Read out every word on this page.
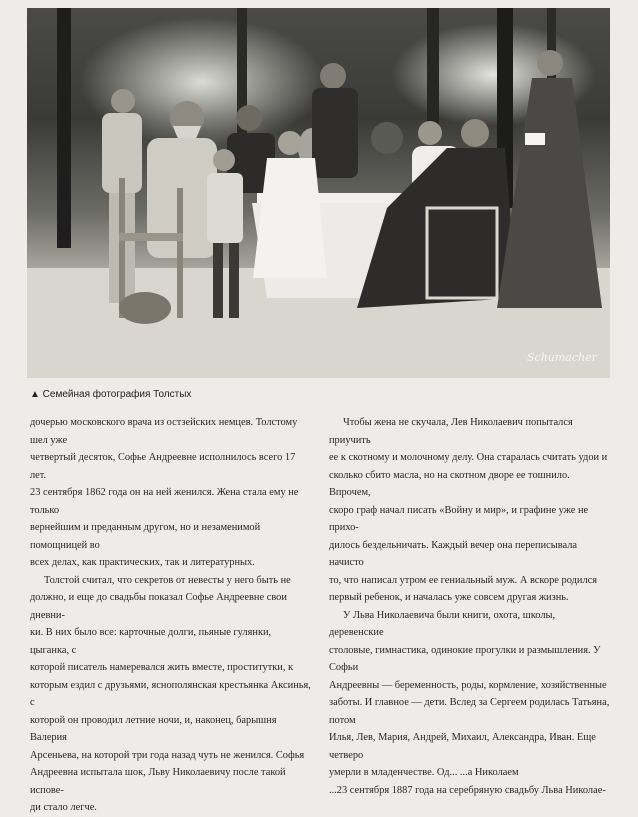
Schumacher
▲ Семейная фотография Толстых

дочерью московского врача из остзейских немцев. Толстому шел уже

четвертый десяток, Софье Андреевне исполнилось всего 17 лет.

23 сентября 1862 года он на ней женился. Жена стала ему не только

вернейшим и преданным другом, но и незаменимой помощницей во

всех делах, как практических, так и литературных.

Толстой считал, что секретов от невесты у него быть не

должно, и еще до свадьбы показал Софье Андреевне свои дневни-

ки. В них было все: карточные долги, пьяные гулянки, цыганка, с

которой писатель намеревался жить вместе, проститутки, к

которым ездил с друзьями, яснополянская крестьянка Аксинья, с

которой он проводил летние ночи, и, наконец, барышня Валерия

Арсеньева, на которой три года назад чуть не женился. Софья

Андреевна испытала шок, Льву Николаевичу после такой испове-

ди стало легче.

Чтобы жена не скучала, Лев Николаевич попытался приучить

ее к скотному и молочному делу. Она старалась считать удои и

сколько сбито масла, но на скотном дворе ее тошнило. Впрочем,

скоро граф начал писать «Войну и мир», и графине уже не прихо-

дилось бездельничать. Каждый вечер она переписывала начисто

то, что написал утром ее гениальный муж. А вскоре родился

первый ребенок, и началась уже совсем другая жизнь.

У Льва Николаевича были книги, охота, школы, деревенские

столовые, гимнастика, одинокие прогулки и размышления. У Софьи

Андреевны — беременность, роды, кормление, хозяйственные

заботы. И главное — дети. Вслед за Сергеем родилась Татьяна, потом

Илья, Лев, Мария, Андрей, Михаил, Александра, Иван. Еще четверо

умерли в младенчестве. Од... ...а Николаем

...23 сентября 1887 года на серебряную свадьбу Льва Николае-
